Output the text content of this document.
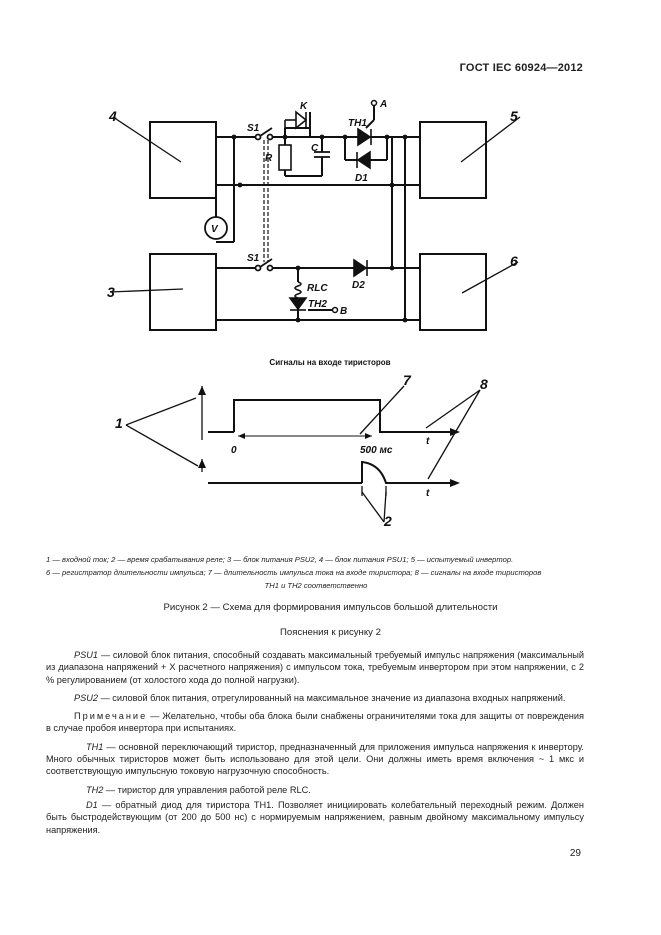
ГОСТ IEC 60924—2012
4	5
3
6
S1
S1
K	A
TH1
R
C
D1
V
RLC D2
TH2
B
Сигналы на входе тиристоров
1
7	8
2
0	500 мс
t
t
1 — входной ток; 2 — время срабатывания реле; 3 — блок питания PSU2, 4 — блок питания PSU1; 5 — испытуемый инвертор.
6 — регистратор длительности импульса; 7 — длительность импульса тока на входе тиристора; 8 — сигналы на входе тиристоров

TH1 и TH2 соответственно
Рисунок 2 — Схема для формирования импульсов большой длительности
Пояснения к рисунку 2

PSU1 — силовой блок питания, способный создавать максимальный требуемый импульс напряжения (максимальный из диапазона напряжений + X расчетного напряжения) с импульсом тока, требуемым инвертором при этом напряжении, с 2 % регулированием (от холостого хода до полной нагрузки).

PSU2 — силовой блок питания, отрегулированный на максимальное значение из диапазона входных напряжений.

Примечание — Желательно, чтобы оба блока были снабжены ограничителями тока для защиты от повреждения в случае пробоя инвертора при испытаниях.

TH1 — основной переключающий тиристор, предназначенный для приложения импульса напряжения к инвертору. Много обычных тиристоров может быть использовано для этой цели. Они должны иметь время включения ~ 1 мкс и соответствующую импульсную токовую нагрузочную способность.

TH2 — тиристор для управления работой реле RLC.

D1 — обратный диод для тиристора TH1. Позволяет инициировать колебательный переходный режим. Должен быть быстродействующим (от 200 до 500 нс) с нормируемым напряжением, равным двойному максимальному импульсу напряжения.

29
